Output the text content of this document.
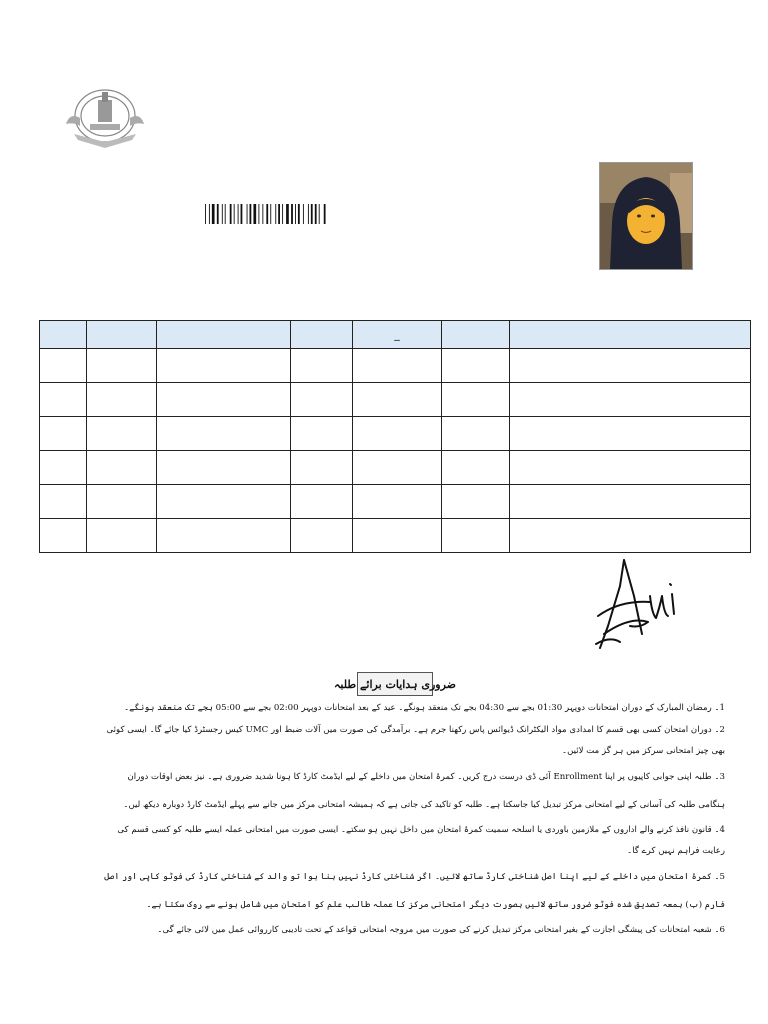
				_		

ضروری ہدایات برائے طلبہ
1۔ رمضان المبارک کے دوران امتحانات دوپہر 01:30 بجے سے 04:30 بجے تک منعقد ہونگے۔ عید کے بعد امتحانات دوپہر 02:00 بجے سے 05:00 بجے تک منعقد ہونگے۔
2۔ دوران امتحان کسی بھی قسم کا امدادی مواد الیکٹرانک ڈیوائس پاس رکھنا جرم ہے۔ برآمدگی کی صورت میں آلات ضبط اور UMC کیس رجسٹرڈ کیا جائے گا۔ ایسی کوئی بھی چیز امتحانی سرکز میں ہر گز مت لائیں۔
3۔ طلبہ اپنی جوابی کاپیوں پر اپنا Enrollment آئی ڈی درست درج کریں۔ کمرۂ امتحان میں داخلے کے لیے ایڈمٹ کارڈ کا ہونا شدید ضروری ہے۔ نیز بعض اوقات دوران ہنگامی طلبہ کی آسانی کے لیے امتحانی مرکز تبدیل کیا جاسکتا ہے۔ طلبہ کو تاکید کی جاتی ہے کہ ہمیشہ امتحانی مرکز میں جانے سے پہلے ایڈمٹ کارڈ دوبارہ دیکھ لیں۔
4۔ قانون نافذ کرنے والے اداروں کے ملازمین باوردی یا اسلحہ سمیت کمرۂ امتحان میں داخل نہیں ہو سکتے۔ ایسی صورت میں امتحانی عملہ ایسے طلبہ کو کسی قسم کی رعایت فراہم نہیں کرے گا۔
5۔ کمرۂ امتحان میں داخلے کے لیے اپنا اصل شناختی کارڈ ساتھ لائیں۔ اگر شناختی کارڈ نہیں بنا ہوا تو والد کے شناختی کارڈ کی فوٹو کاپی اور اصل فارم (ب) بمعہ تصدیق شدہ فوٹو ضرور ساتھ لائیں بصورت دیگر امتحانی مرکز کا عملہ طالب علم کو امتحان میں شامل ہونے سے روک سکتا ہے۔
6۔ شعبہ امتحانات کی پیشگی اجازت کے بغیر امتحانی مرکز تبدیل کرنے کی صورت میں مروجہ امتحانی قواعد کے تحت تادیبی کارروائی عمل میں لائی جائے گی۔
